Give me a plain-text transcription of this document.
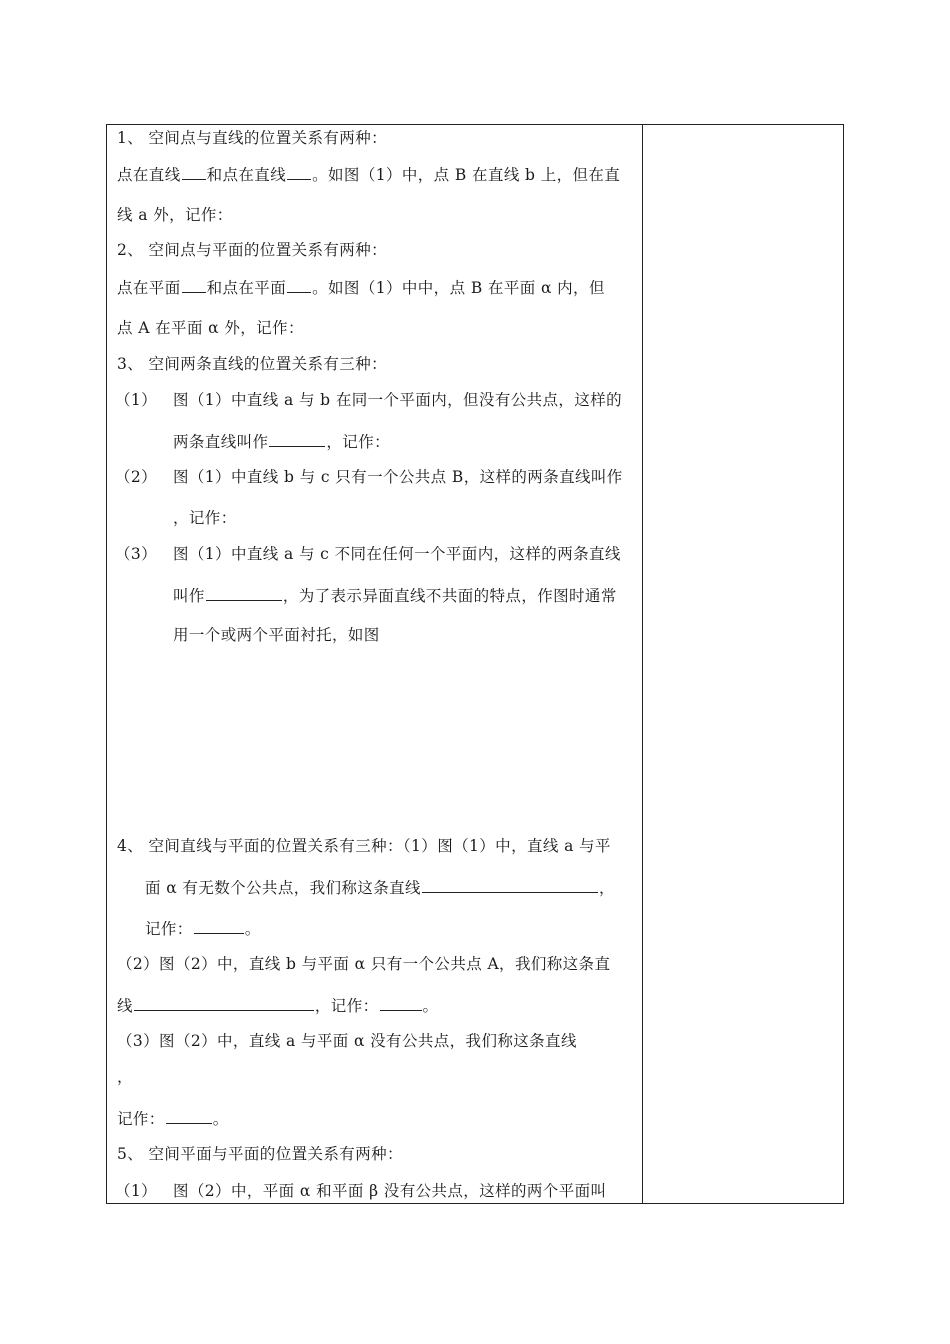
1、 空间点与直线的位置关系有两种：
点在直线 和点在直线 。如图（1）中，点 B 在直线 b 上，但在直
线 a 外，记作：
2、 空间点与平面的位置关系有两种：
点在平面 和点在平面 。如图（1）中中，点 B 在平面 α 内，但
点 A 在平面 α 外，记作：
3、 空间两条直线的位置关系有三种：
（1） 图（1）中直线 a 与 b 在同一个平面内，但没有公共点，这样的
两条直线叫作	，记作：
（2） 图（1）中直线 b 与 c 只有一个公共点 B，这样的两条直线叫作
，记作：
（3） 图（1）中直线 a 与 c 不同在任何一个平面内，这样的两条直线
叫作	，为了表示异面直线不共面的特点，作图时通常
用一个或两个平面衬托，如图
4、 空间直线与平面的位置关系有三种：（1）图（1）中，直线 a 与平
面 α 有无数个公共点，我们称这条直线	，
记作：	。
（2）图（2）中，直线 b 与平面 α 只有一个公共点 A，我们称这条直
线	，记作：	。
（3）图（2）中，直线 a 与平面 α 没有公共点，我们称这条直线
，
记作：	。
5、 空间平面与平面的位置关系有两种：
（1） 图（2）中，平面 α 和平面 β 没有公共点，这样的两个平面叫
